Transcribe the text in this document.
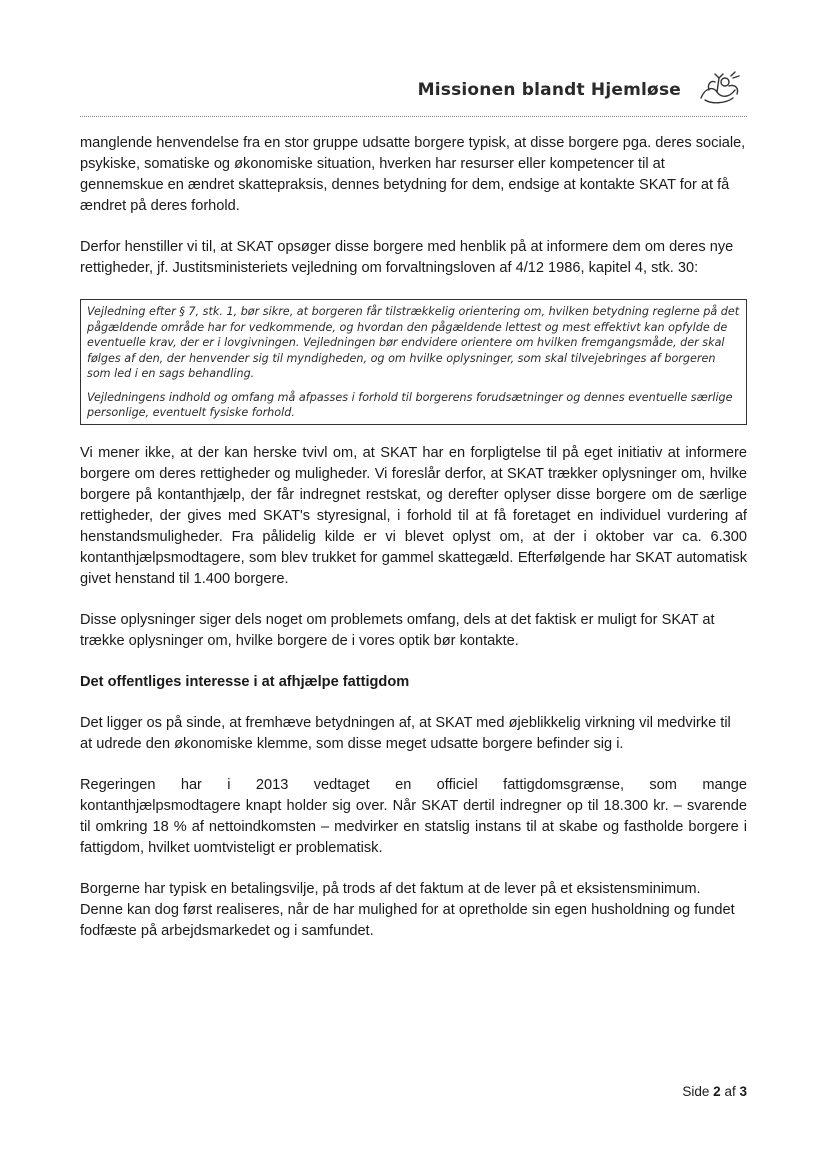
Missionen blandt Hjemløse

manglende henvendelse fra en stor gruppe udsatte borgere typisk, at disse borgere pga. deres sociale, psykiske, somatiske og økonomiske situation, hverken har resurser eller kompetencer til at gennemskue en ændret skattepraksis, dennes betydning for dem, endsige at kontakte SKAT for at få ændret på deres forhold.

Derfor henstiller vi til, at SKAT opsøger disse borgere med henblik på at informere dem om deres nye rettigheder, jf. Justitsministeriets vejledning om forvaltningsloven af 4/12 1986, kapitel 4, stk. 30:

Vejledning efter § 7, stk. 1, bør sikre, at borgeren får tilstrækkelig orientering om, hvilken betydning reglerne på det pågældende område har for vedkommende, og hvordan den pågældende lettest og mest effektivt kan opfylde de eventuelle krav, der er i lovgivningen. Vejledningen bør endvidere orientere om hvilken fremgangsmåde, der skal følges af den, der henvender sig til myndigheden, og om hvilke oplysninger, som skal tilvejebringes af borgeren som led i en sags behandling.

Vejledningens indhold og omfang må afpasses i forhold til borgerens forudsætninger og dennes eventuelle særlige personlige, eventuelt fysiske forhold.

Vi mener ikke, at der kan herske tvivl om, at SKAT har en forpligtelse til på eget initiativ at informere borgere om deres rettigheder og muligheder. Vi foreslår derfor, at SKAT trækker oplysninger om, hvilke borgere på kontanthjælp, der får indregnet restskat, og derefter oplyser disse borgere om de særlige rettigheder, der gives med SKAT's styresignal, i forhold til at få foretaget en individuel vurdering af henstandsmuligheder. Fra pålidelig kilde er vi blevet oplyst om, at der i oktober var ca. 6.300 kontanthjælpsmodtagere, som blev trukket for gammel skattegæld. Efterfølgende har SKAT automatisk givet henstand til 1.400 borgere.

Disse oplysninger siger dels noget om problemets omfang, dels at det faktisk er muligt for SKAT at trække oplysninger om, hvilke borgere de i vores optik bør kontakte.

Det offentliges interesse i at afhjælpe fattigdom

Det ligger os på sinde, at fremhæve betydningen af, at SKAT med øjeblikkelig virkning vil medvirke til at udrede den økonomiske klemme, som disse meget udsatte borgere befinder sig i.

Regeringen har i 2013 vedtaget en officiel fattigdomsgrænse, som mange
kontanthjælpsmodtagere knapt holder sig over. Når SKAT dertil indregner op til 18.300 kr. – svarende til omkring 18 % af nettoindkomsten – medvirker en statslig instans til at skabe og fastholde borgere i fattigdom, hvilket uomtvisteligt er problematisk.

Borgerne har typisk en betalingsvilje, på trods af det faktum at de lever på et eksistensminimum. Denne kan dog først realiseres, når de har mulighed for at opretholde sin egen husholdning og fundet fodfæste på arbejdsmarkedet og i samfundet.

Side 2 af 3
